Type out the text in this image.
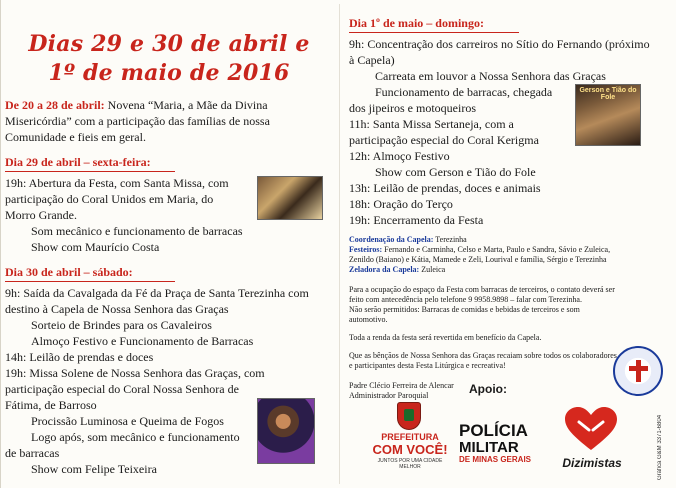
Dias 29 e 30 de abril e
1º de maio de 2016
De 20 a 28 de abril: Novena “Maria, a Mãe da Divina
Misericórdia” com a participação das famílias de nossa
Comunidade e fieis em geral.
Dia 29 de abril – sexta-feira:
19h: Abertura da Festa, com Santa Missa, com
participação do Coral Unidos em Maria, do
Morro Grande.
Som mecânico e funcionamento de barracas
Show com Maurício Costa
Dia 30 de abril – sábado:
9h: Saída da Cavalgada da Fé da Praça de Santa Terezinha com
destino à Capela de Nossa Senhora das Graças
Sorteio de Brindes para os Cavaleiros
Almoço Festivo e Funcionamento de Barracas
14h: Leilão de prendas e doces
19h: Missa Solene de Nossa Senhora das Graças, com
participação especial do Coral Nossa Senhora de
Fátima, de Barroso
Procissão Luminosa e Queima de Fogos
Logo após, som mecânico e funcionamento
de barracas
Show com Felipe Teixeira
Dia 1º de maio – domingo:
9h: Concentração dos carreiros no Sítio do Fernando (próximo
à Capela)
Carreata em louvor a Nossa Senhora das Graças
Funcionamento de barracas, chegada
dos jipeiros e motoqueiros
11h: Santa Missa Sertaneja, com a
participação especial do Coral Kerigma
12h: Almoço Festivo
Show com Gerson e Tião do Fole
13h: Leilão de prendas, doces e animais
18h: Oração do Terço
19h: Encerramento da Festa
Coordenação da Capela: Terezinha
Festeiros: Fernando e Carminha, Celso e Marta, Paulo e Sandra, Sávio e Zuleica,
Zenildo (Baiano) e Kátia, Mamede e Zeli, Lourival e família, Sérgio e Terezinha
Zeladora da Capela: Zuleica
Para a ocupação do espaço da Festa com barracas de terceiros, o contato deverá ser
feito com antecedência pelo telefone 9 9958.9898 – falar com Terezinha.
Não serão permitidos: Barracas de comidas e bebidas de terceiros e som
automotivo.
Toda a renda da festa será revertida em benefício da Capela.
Que as bênçãos de Nossa Senhora das Graças recaiam sobre todos os colaboradores
e participantes desta Festa Litúrgica e recreativa!
Padre Clécio Ferreira de Alencar
Administrador Paroquial
Gerson e Tião do Fole
Gráfica G&M 3371-6804
Apoio:
PREFEITURA
COM VOCÊ!
JUNTOS POR UMA CIDADE MELHOR
POLÍCIA
MILITAR
DE MINAS GERAIS	Dizimistas
